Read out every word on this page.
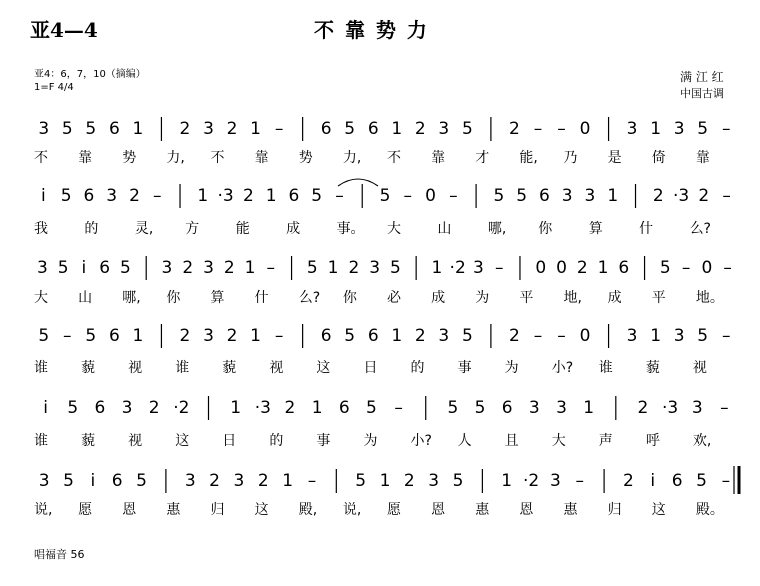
亚4—4	不 靠 势 力
亚4：6，7，10（摘编）
1=F 4/4
满 江 红
中国古调
唱福音 56
3 5 5 6 1 2 3 2 1 – 6 5 6 1 2 3 5 2 – – 0 3 1 3 5 –
不 靠 势 力, 不 靠 势 力, 不 靠 才 能, 乃 是 倚 靠
i 5 6 3 2 – 1 ·3 2 1 6 5 – 5 – 0 – 5 5 6 3 3 1 2 ·3 2 –
我	的	灵, 方	能	成	事。 大	山	哪, 你	算	什	么?
3 5 i 6 5 3 2 3 2 1 – 5 1 2 3 5 1 ·2 3 – 0 0 2 1 6 5 – 0 –
大 山 哪, 你 算 什 么? 你 必 成 为 平 地, 成 平 地。
5 – 5 6 1 2 3 2 1 – 6 5 6 1 2 3 5 2 – – 0 3 1 3 5 –
谁 藐 视 谁 藐 视 这 日 的 事 为 小? 谁 藐 视
i 5 6 3 2 ·2 1 ·3 2 1 6 5 –	5 5 6 3 3 1	2 ·3 3 –
谁 藐 视 这 日 的 事 为 小? 人 且 大 声 呼 欢,
3 5 i 6 5 3 2 3 2 1 – 5 1 2 3 5 1 ·2 3 – 2 i 6 5 –
说, 愿 恩 惠 归 这 殿, 说, 愿 恩 惠 恩 惠 归 这 殿。
